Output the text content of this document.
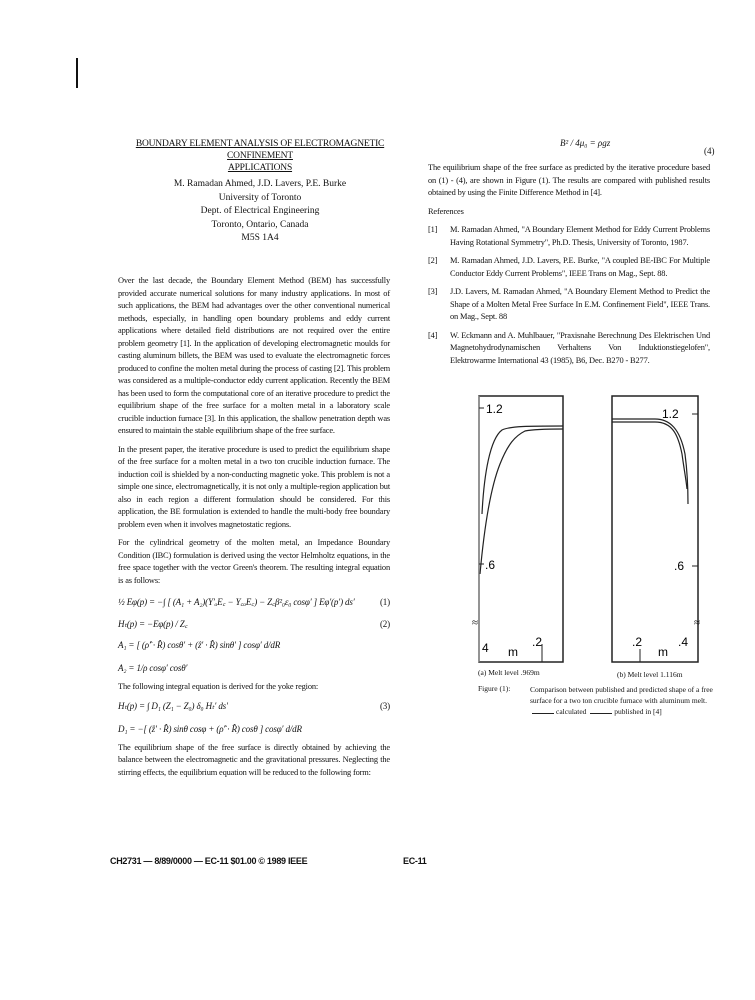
BOUNDARY ELEMENT ANALYSIS OF ELECTROMAGNETIC CONFINEMENT
APPLICATIONS
M. Ramadan Ahmed, J.D. Lavers, P.E. Burke
University of Toronto
Dept. of Electrical Engineering
Toronto, Ontario, Canada
M5S 1A4

Over the last decade, the Boundary Element Method (BEM) has successfully provided accurate numerical solutions for many industry applications. In most of such applications, the BEM had advantages over the other conventional numerical methods, especially, in handling open boundary problems and eddy current applications where detailed field distributions are not required over the entire problem geometry [1]. In the application of developing electromagnetic moulds for casting aluminum billets, the BEM was used to evaluate the electromagnetic forces produced to confine the molten metal during the process of casting [2]. This problem was considered as a multiple-conductor eddy current application. Recently the BEM has been used to form the computational core of an iterative procedure to predict the equilibrium shape of the free surface for a molten metal in a laboratory scale crucible induction furnace [3]. In this application, the shallow penetration depth was ensured to maintain the stable equilibrium shape of the free surface.

In the present paper, the iterative procedure is used to predict the equilibrium shape of the free surface for a molten metal in a two ton crucible induction furnace. The induction coil is shielded by a non-conducting magnetic yoke. This problem is not a simple one since, electromagnetically, it is not only a multiple-region application but also in each region a different formulation should be considered. For this application, the BE formulation is extended to handle the multi-body free boundary problem even when it involves magnetostatic regions.

For the cylindrical geometry of the molten metal, an Impedance Boundary Condition (IBC) formulation is derived using the vector Helmholtz equations, in the free space together with the vector Green's theorem. The resulting integral equation is as follows:

½ Eφ(p) = −∫ [ (A₁ + A₂)(Y′ₐE꜀ − Y꜀ₐE꜀) − Z꜀β²₀ε₀ cosφ′ ] Eφ′(p′) ds′	(1)
Hₜ(p) = −Eφ(p) / Z꜀	(2)
A₁ = [ (ρ̂′ · R̂) cosθ′ + (ẑ′ · R̂) sinθ′ ] cosφ′ d/dR
A₂ = 1/ρ cosφ′ cosθ′

The following integral equation is derived for the yoke region:

Hₜ(p) = ∫ D₁ (Z₁ − Z₀) δ₀ Hₜ′ ds′	(3)
D₁ = −[ (ẑ′ · R̂) sinθ cosφ + (ρ̂′ · R̂) cosθ ] cosφ′ d/dR

The equilibrium shape of the free surface is directly obtained by achieving the balance between the electromagnetic and the gravitational pressures. Neglecting the stirring effects, the equilibrium equation will be reduced to the following form:

B² / 4μ₀ = ρgz
(4)

The equilibrium shape of the free surface as predicted by the iterative procedure based on (1) - (4), are shown in Figure (1). The results are compared with published results obtained by using the Finite Difference Method in [4].

References
[1]	M. Ramadan Ahmed, "A Boundary Element Method for Eddy Current Problems Having Rotational Symmetry", Ph.D. Thesis, University of Toronto, 1987.
[2]	M. Ramadan Ahmed, J.D. Lavers, P.E. Burke, "A coupled BE-IBC For Multiple Conductor Eddy Current Problems", IEEE Trans on Mag., Sept. 88.
[3]	J.D. Lavers, M. Ramadan Ahmed, "A Boundary Element Method to Predict the Shape of a Molten Metal Free Surface In E.M. Confinement Field", IEEE Trans. on Mag., Sept. 88
[4]	W. Eckmann and A. Muhlbauer, "Praxisnahe Berechnung Des Elektrischen Und Magnetohydrodynamischen Verhaltens Von Induktionstiegelofen", Elektrowarme International 43 (1985), B6, Dec. B270 - B277.
1.2
.6
≈
4 m
.2
(a) Melt level .969m
1.2
.6
≈
.2
m
.4
(b) Melt level 1.116m
Figure (1):	Comparison between published and predicted shape of a free surface for a two ton crucible furnace with aluminum melt. calculated	published in [4]
CH2731 — 8/89/0000 — EC-11 $01.00 © 1989 IEEE	EC-11
